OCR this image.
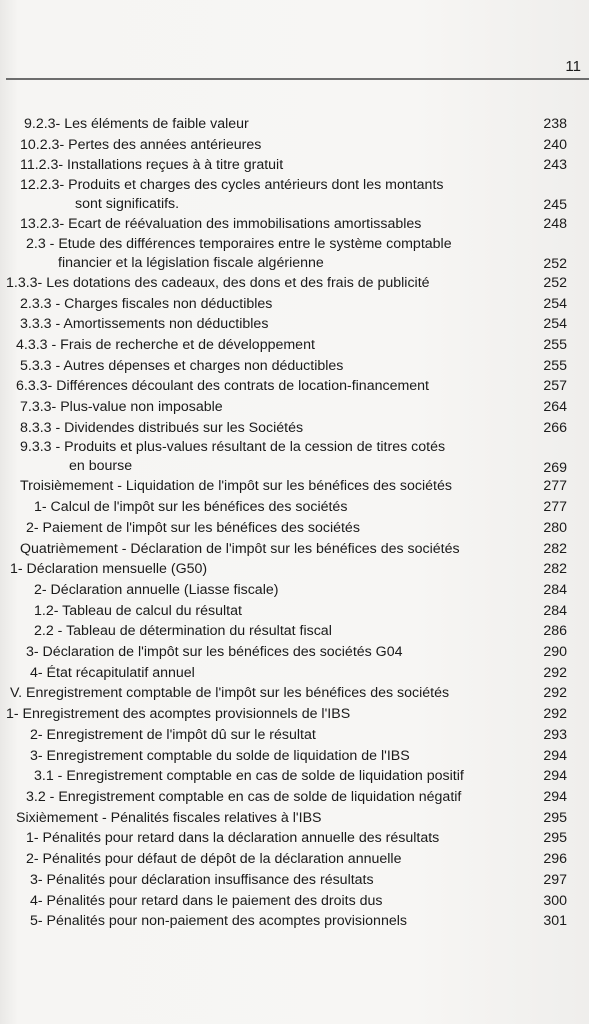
11
9.2.3- Les éléments de faible valeur	238
10.2.3- Pertes des années antérieures	240
11.2.3- Installations reçues à à titre gratuit	243
12.2.3- Produits et charges des cycles antérieurs dont les montants
sont significatifs.	245
13.2.3- Ecart de réévaluation des immobilisations amortissables	248
2.3 - Etude des différences temporaires entre le système comptable
financier et la législation fiscale algérienne	252
1.3.3- Les dotations des cadeaux, des dons et des frais de publicité	252
2.3.3 - Charges fiscales non déductibles	254
3.3.3 - Amortissements non déductibles	254
4.3.3 - Frais de recherche et de développement	255
5.3.3 - Autres dépenses et charges non déductibles	255
6.3.3- Différences découlant des contrats de location-financement	257
7.3.3- Plus-value non imposable	264
8.3.3 - Dividendes distribués sur les Sociétés	266
9.3.3 - Produits et plus-values résultant de la cession de titres cotés
en bourse	269
Troisièmement - Liquidation de l'impôt sur les bénéfices des sociétés	277
1- Calcul de l'impôt sur les bénéfices des sociétés	277
2- Paiement de l'impôt sur les bénéfices des sociétés	280
Quatrièmement - Déclaration de l'impôt sur les bénéfices des sociétés	282
1- Déclaration mensuelle (G50)	282
2- Déclaration annuelle (Liasse fiscale)	284
1.2- Tableau de calcul du résultat	284
2.2 - Tableau de détermination du résultat fiscal	286
3- Déclaration de l'impôt sur les bénéfices des sociétés G04	290
4- État récapitulatif annuel	292
V. Enregistrement comptable de l'impôt sur les bénéfices des sociétés	292
1- Enregistrement des acomptes provisionnels de l'IBS	292
2- Enregistrement de l'impôt dû sur le résultat	293
3- Enregistrement comptable du solde de liquidation de l'IBS	294
3.1 - Enregistrement comptable en cas de solde de liquidation positif	294
3.2 - Enregistrement comptable en cas de solde de liquidation négatif	294
Sixièmement - Pénalités fiscales relatives à l'IBS	295
1- Pénalités pour retard dans la déclaration annuelle des résultats	295
2- Pénalités pour défaut de dépôt de la déclaration annuelle	296
3- Pénalités pour déclaration insuffisance des résultats	297
4- Pénalités pour retard dans le paiement des droits dus	300
5- Pénalités pour non-paiement des acomptes provisionnels	301
